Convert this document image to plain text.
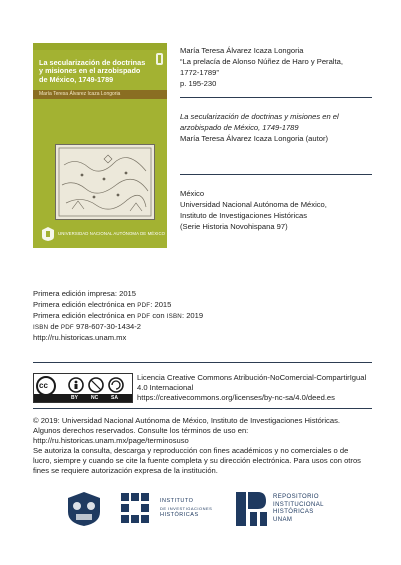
La secularización de doctrinas y misiones en el arzobispado de México, 1749-1789
María Teresa Álvarez Icaza Longoria
UNIVERSIDAD NACIONAL AUTÓNOMA DE MÉXICO
María Teresa Álvarez Icaza Longoria
“La prelacía de Alonso Núñez de Haro y Peralta,
1772-1789”
p. 195-230
La secularización de doctrinas y misiones en el
arzobispado de México, 1749-1789
María Teresa Álvarez Icaza Longoria (autor)
México
Universidad Nacional Autónoma de México,
Instituto de Investigaciones Históricas
(Serie Historia Novohispana 97)
Primera edición impresa: 2015
Primera edición electrónica en PDF: 2015
Primera edición electrónica en PDF con ISBN: 2019
ISBN de PDF 978-607-30-1434-2
http://ru.historicas.unam.mx
cc
BY	NC	SA
Licencia Creative Commons Atribución-NoComercial-CompartirIgual
4.0 Internacional
https://creativecommons.org/licenses/by-nc-sa/4.0/deed.es
© 2019: Universidad Nacional Autónoma de México, Instituto de Investigaciones Históricas.
Algunos derechos reservados. Consulte los términos de uso en:
http://ru.historicas.unam.mx/page/terminosuso
Se autoriza la consulta, descarga y reproducción con fines académicos y no comerciales o de
lucro, siempre y cuando se cite la fuente completa y su dirección electrónica. Para usos con otros
fines se requiere autorización expresa de la institución.
INSTITUTO
DE INVESTIGACIONES
HISTÓRICAS
REPOSITORIO
INSTITUCIONAL
HISTÓRICAS
UNAM
